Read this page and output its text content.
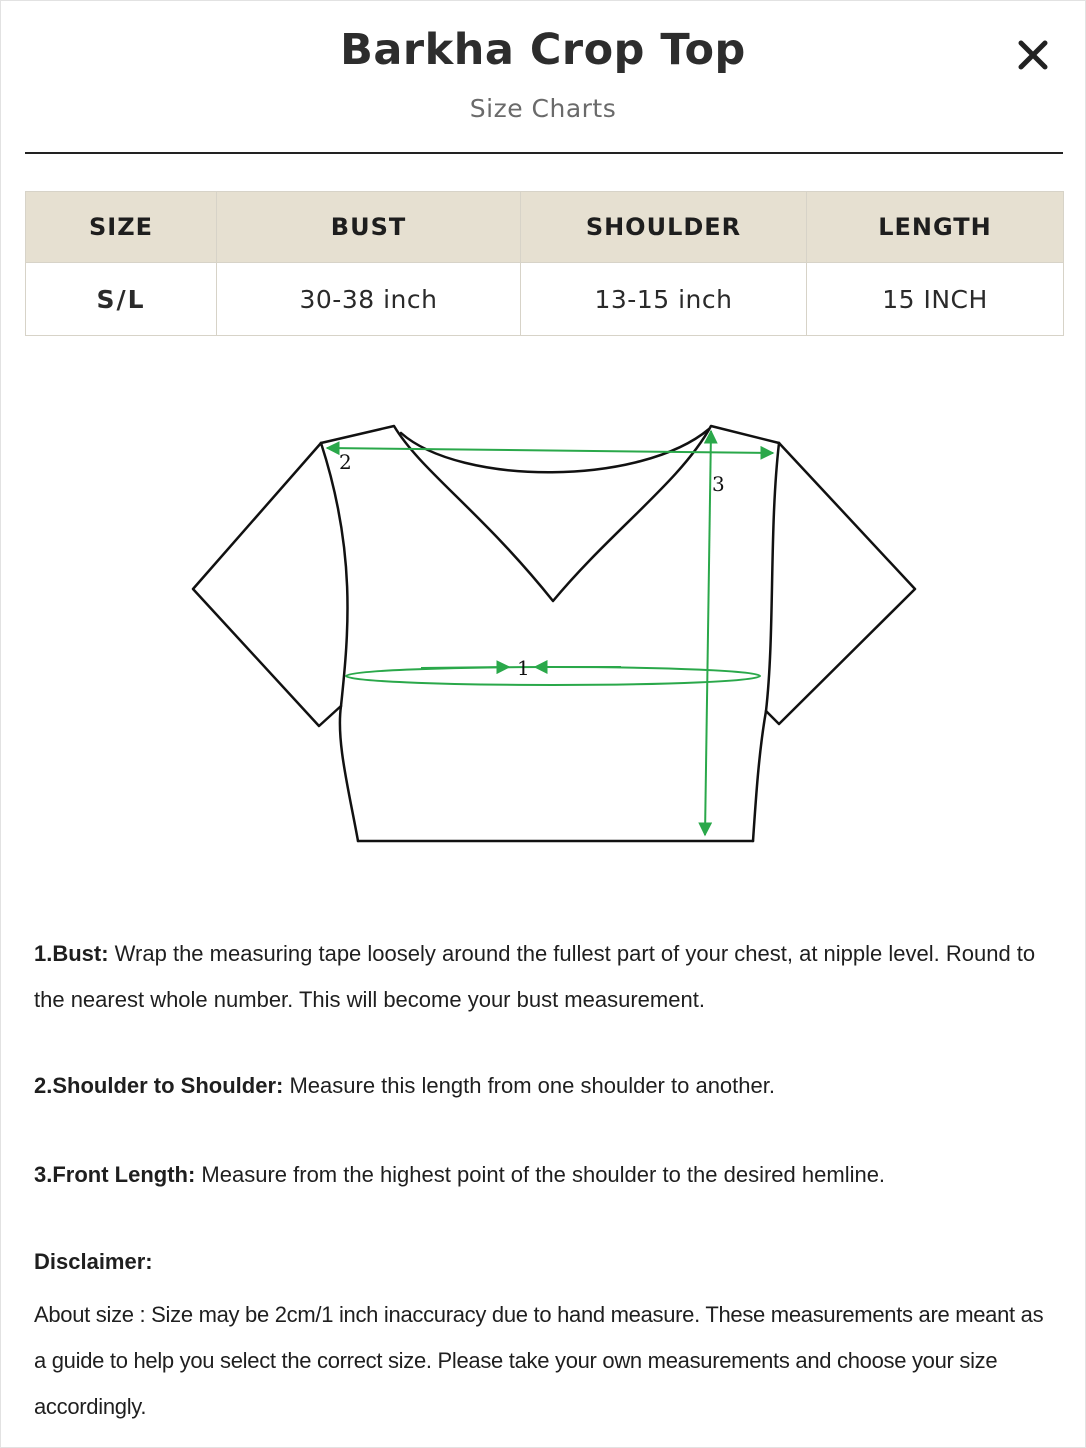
Barkha Crop Top
Size Charts
SIZE	BUST	SHOULDER	LENGTH
S/L	30-38 inch	13-15 inch	15 INCH
2
3
1

1.Bust: Wrap the measuring tape loosely around the fullest part of your chest, at nipple level. Round to the nearest whole number. This will become your bust measurement.

2.Shoulder to Shoulder: Measure this length from one shoulder to another.

3.Front Length: Measure from the highest point of the shoulder to the desired hemline.

Disclaimer:

About size : Size may be 2cm/1 inch inaccuracy due to hand measure. These measurements are meant as a guide to help you select the correct size. Please take your own measurements and choose your size accordingly.
